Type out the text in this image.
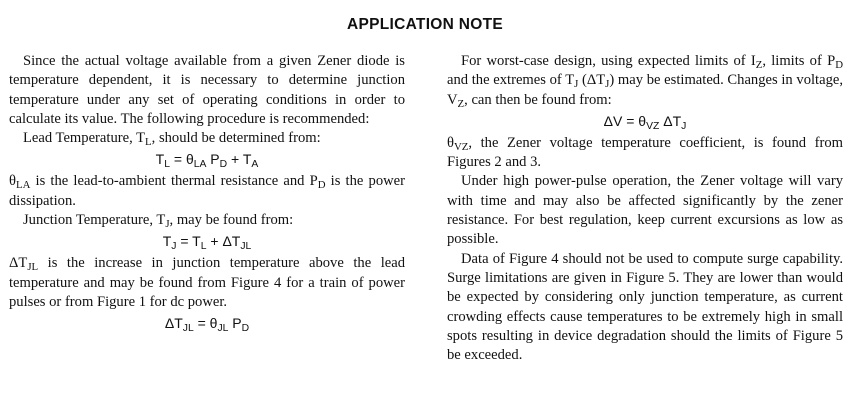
APPLICATION NOTE

Since the actual voltage available from a given Zener diode is temperature dependent, it is necessary to determine junction temperature under any set of operating conditions in order to calculate its value. The following procedure is recommended:

Lead Temperature, $T_L$, should be determined from:

$T_L = \theta_{LA}$ $P_D + T_A$

$\theta_{LA}$ is the lead-to-ambient thermal resistance and $P_D$ is the power dissipation.

Junction Temperature, $T_J$, may be found from:

$T_J = T_L + \Delta T_{JL}$

$\Delta T_{JL}$ is the increase in junction temperature above the lead temperature and may be found from Figure 4 for a train of power pulses or from Figure 1 for dc power.

$\Delta T_{JL} = \theta_{JL}$ $P_D$

For worst-case design, using expected limits of $I_Z$, limits of $P_D$ and the extremes of $T_J$ $(\Delta T_J)$ may be estimated. Changes in voltage, $V_Z$, can then be found from:

$\Delta V = \theta_{VZ}$ $\Delta T_J$

$\theta_{VZ}$, the Zener voltage temperature coefficient, is found from Figures 2 and 3.

Under high power-pulse operation, the Zener voltage will vary with time and may also be affected significantly by the zener resistance. For best regulation, keep current excursions as low as possible.

Data of Figure 4 should not be used to compute surge capability. Surge limitations are given in Figure 5. They are lower than would be expected by considering only junction temperature, as current crowding effects cause temperatures to be extremely high in small spots resulting in device degradation should the limits of Figure 5 be exceeded.
